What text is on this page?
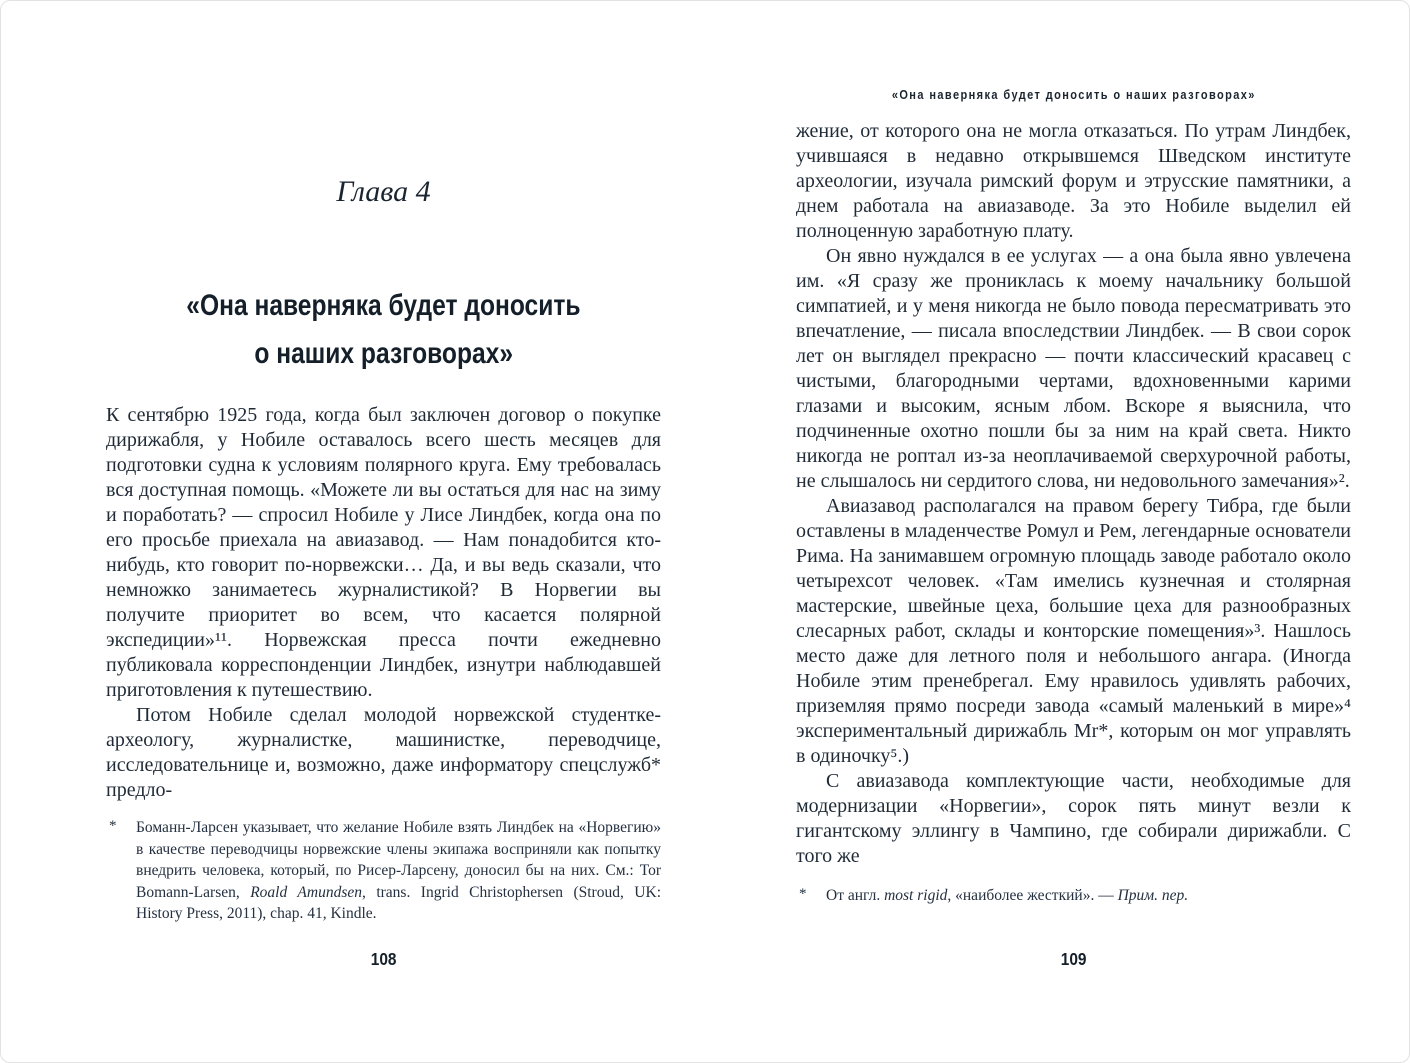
Глава 4
«Она наверняка будет доносить
о наших разговорах»

К сентябрю 1925 года, когда был заключен договор о покупке дирижабля, у Нобиле оставалось всего шесть месяцев для подготовки судна к условиям полярного круга. Ему требовалась вся доступная помощь. «Можете ли вы остаться для нас на зиму и поработать? — спросил Нобиле у Лисе Линдбек, когда она по его просьбе приехала на авиазавод. — Нам понадобится кто-нибудь, кто говорит по-норвежски… Да, и вы ведь сказали, что немножко занимаетесь журналистикой? В Норвегии вы получите приоритет во всем, что касается полярной экспедиции»¹¹. Норвежская пресса почти ежедневно публиковала корреспонденции Линдбек, изнутри наблюдавшей приготовления к путешествию.

Потом Нобиле сделал молодой норвежской студентке-археологу, журналистке, машинистке, переводчице, исследовательнице и, возможно, даже информатору спецслужб* предло-

* Боманн-Ларсен указывает, что желание Нобиле взять Линдбек на «Норвегию» в качестве переводчицы норвежские члены экипажа восприняли как попытку внедрить человека, который, по Рисер-Ларсену, доносил бы на них. См.: Tor Bomann-Larsen, Roald Amundsen, trans. Ingrid Christophersen (Stroud, UK: History Press, 2011), chap. 41, Kindle.
108
«Она наверняка будет доносить о наших разговорах»

жение, от которого она не могла отказаться. По утрам Линдбек, учившаяся в недавно открывшемся Шведском институте археологии, изучала римский форум и этрусские памятники, а днем работала на авиазаводе. За это Нобиле выделил ей полноценную заработную плату.

Он явно нуждался в ее услугах — а она была явно увлечена им. «Я сразу же прониклась к моему начальнику большой симпатией, и у меня никогда не было повода пересматривать это впечатление, — писала впоследствии Линдбек. — В свои сорок лет он выглядел прекрасно — почти классический красавец с чистыми, благородными чертами, вдохновенными карими глазами и высоким, ясным лбом. Вскоре я выяснила, что подчиненные охотно пошли бы за ним на край света. Никто никогда не роптал из-за неоплачиваемой сверхурочной работы, не слышалось ни сердитого слова, ни недовольного замечания»².

Авиазавод располагался на правом берегу Тибра, где были оставлены в младенчестве Ромул и Рем, легендарные основатели Рима. На занимавшем огромную площадь заводе работало около четырехсот человек. «Там имелись кузнечная и столярная мастерские, швейные цеха, большие цеха для разнообразных слесарных работ, склады и конторские помещения»³. Нашлось место даже для летного поля и небольшого ангара. (Иногда Нобиле этим пренебрегал. Ему нравилось удивлять рабочих, приземляя прямо посреди завода «самый маленький в мире»⁴ экспериментальный дирижабль Mr*, которым он мог управлять в одиночку⁵.)

С авиазавода комплектующие части, необходимые для модернизации «Норвегии», сорок пять минут везли к гигантскому эллингу в Чампино, где собирали дирижабли. С того же

* От англ. most rigid, «наиболее жесткий». — Прим. пер.
109
